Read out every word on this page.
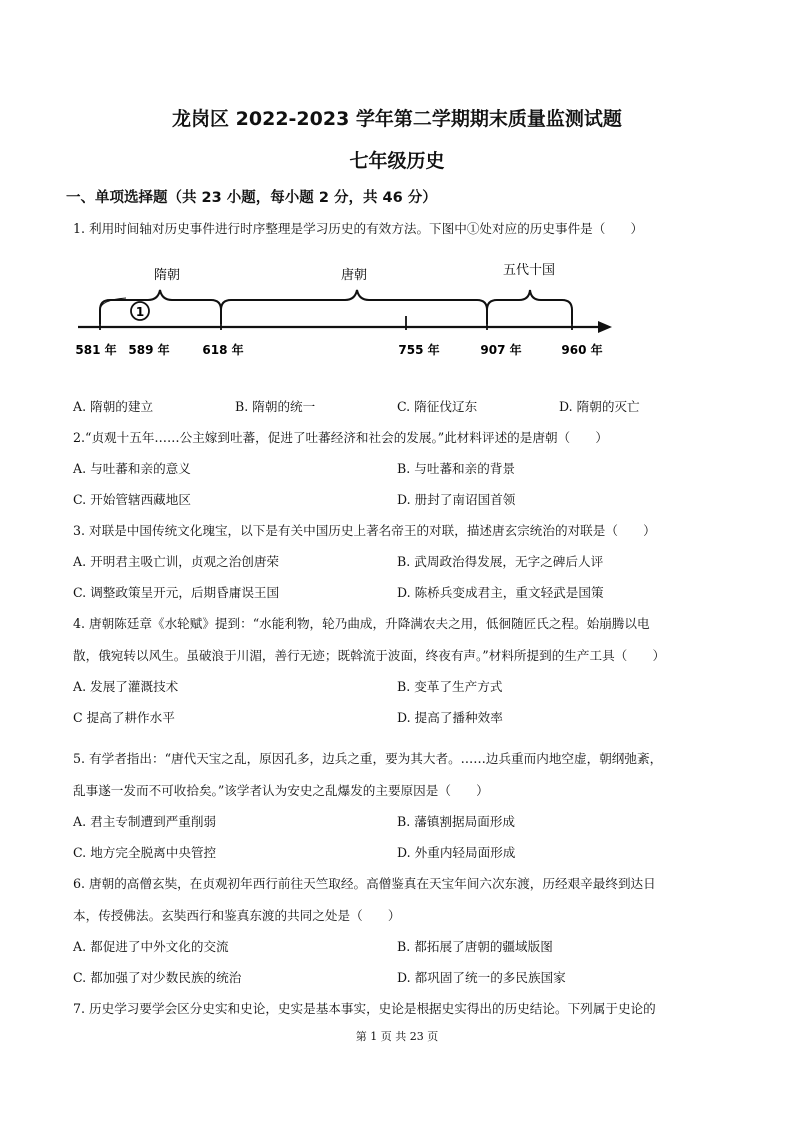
龙岗区 2022-2023 学年第二学期期末质量监测试题
七年级历史
一、单项选择题（共 23 小题，每小题 2 分，共 46 分）
1. 利用时间轴对历史事件进行时序整理是学习历史的有效方法。下图中①处对应的历史事件是（　　）
1
隋朝	唐朝	五代十国
581 年 589 年	618 年	755 年	907 年	960 年
A. 隋朝的建立	B. 隋朝的统一	C. 隋征伐辽东	D. 隋朝的灭亡
2.“贞观十五年……公主嫁到吐蕃，促进了吐蕃经济和社会的发展。”此材料评述的是唐朝（　　）
A. 与吐蕃和亲的意义	B. 与吐蕃和亲的背景
C. 开始管辖西藏地区	D. 册封了南诏国首领
3. 对联是中国传统文化瑰宝，以下是有关中国历史上著名帝王的对联，描述唐玄宗统治的对联是（　　）
A. 开明君主吸亡训，贞观之治创唐荣	B. 武周政治得发展，无字之碑后人评
C. 调整政策呈开元，后期昏庸误王国	D. 陈桥兵变成君主，重文轻武是国策
4. 唐朝陈廷章《水轮赋》提到：“水能利物，轮乃曲成，升降满农夫之用，低徊随匠氏之程。始崩腾以电
散，俄宛转以风生。虽破浪于川湄，善行无迹；既斡流于波面，终夜有声。”材料所提到的生产工具（　　）
A. 发展了灌溉技术	B. 变革了生产方式
C 提高了耕作水平	D. 提高了播种效率
5. 有学者指出：“唐代天宝之乱，原因孔多，边兵之重，要为其大者。……边兵重而内地空虚，朝纲弛紊，
乱事遂一发而不可收拾矣。”该学者认为安史之乱爆发的主要原因是（　　）
A. 君主专制遭到严重削弱	B. 藩镇割据局面形成
C. 地方完全脱离中央管控	D. 外重内轻局面形成
6. 唐朝的高僧玄奘，在贞观初年西行前往天竺取经。高僧鉴真在天宝年间六次东渡，历经艰辛最终到达日
本，传授佛法。玄奘西行和鉴真东渡的共同之处是（　　）
A. 都促进了中外文化的交流	B. 都拓展了唐朝的疆域版图
C. 都加强了对少数民族的统治	D. 都巩固了统一的多民族国家
7. 历史学习要学会区分史实和史论，史实是基本事实，史论是根据史实得出的历史结论。下列属于史论的
第 1 页 共 23 页
